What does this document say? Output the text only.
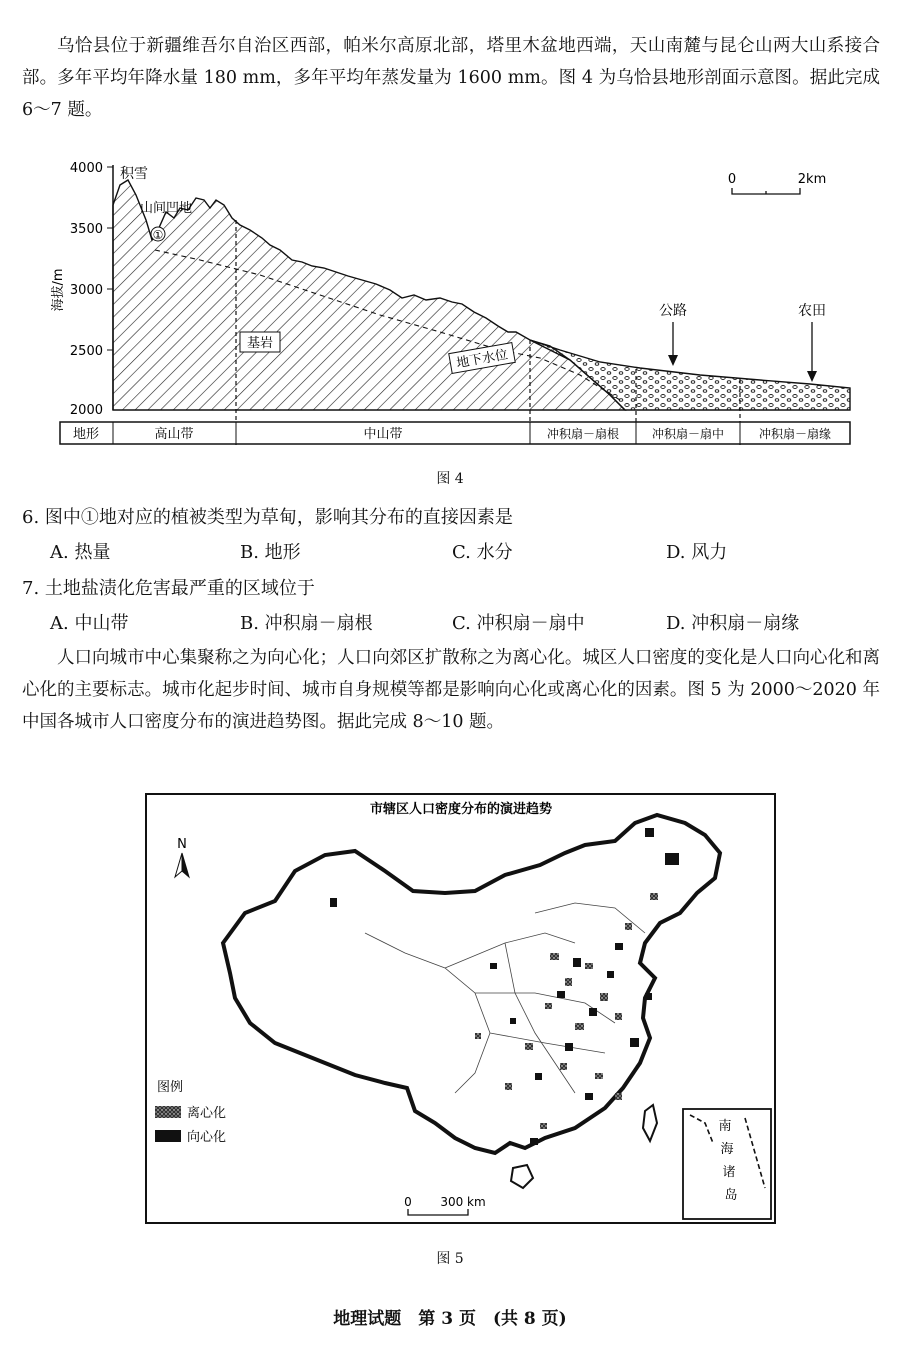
乌恰县位于新疆维吾尔自治区西部，帕米尔高原北部，塔里木盆地西端，天山南麓与昆仑山两大山系接合部。多年平均年降水量 180 mm，多年平均年蒸发量为 1600 mm。图 4 为乌恰县地形剖面示意图。据此完成 6～7 题。

4000
3500
3000
2500
2000
海拔/m
积雪
山间凹地
①
基岩
地下水位
公路	农田
0	2km
地形	高山带	中山带	冲积扇－扇根	冲积扇－扇中	冲积扇－扇缘
图 4

6. 图中①地对应的植被类型为草甸，影响其分布的直接因素是

A. 热量	B. 地形	C. 水分	D. 风力

7. 土地盐渍化危害最严重的区域位于

A. 中山带	B. 冲积扇－扇根	C. 冲积扇－扇中	D. 冲积扇－扇缘

人口向城市中心集聚称之为向心化；人口向郊区扩散称之为离心化。城区人口密度的变化是人口向心化和离心化的主要标志。城市化起步时间、城市自身规模等都是影响向心化或离心化的因素。图 5 为 2000～2020 年中国各城市人口密度分布的演进趋势图。据此完成 8～10 题。

市辖区人口密度分布的演进趋势
N
图例
离心化
向心化
0 300 km
南
海
诸
岛
图 5
地理试题　第 3 页　(共 8 页)
